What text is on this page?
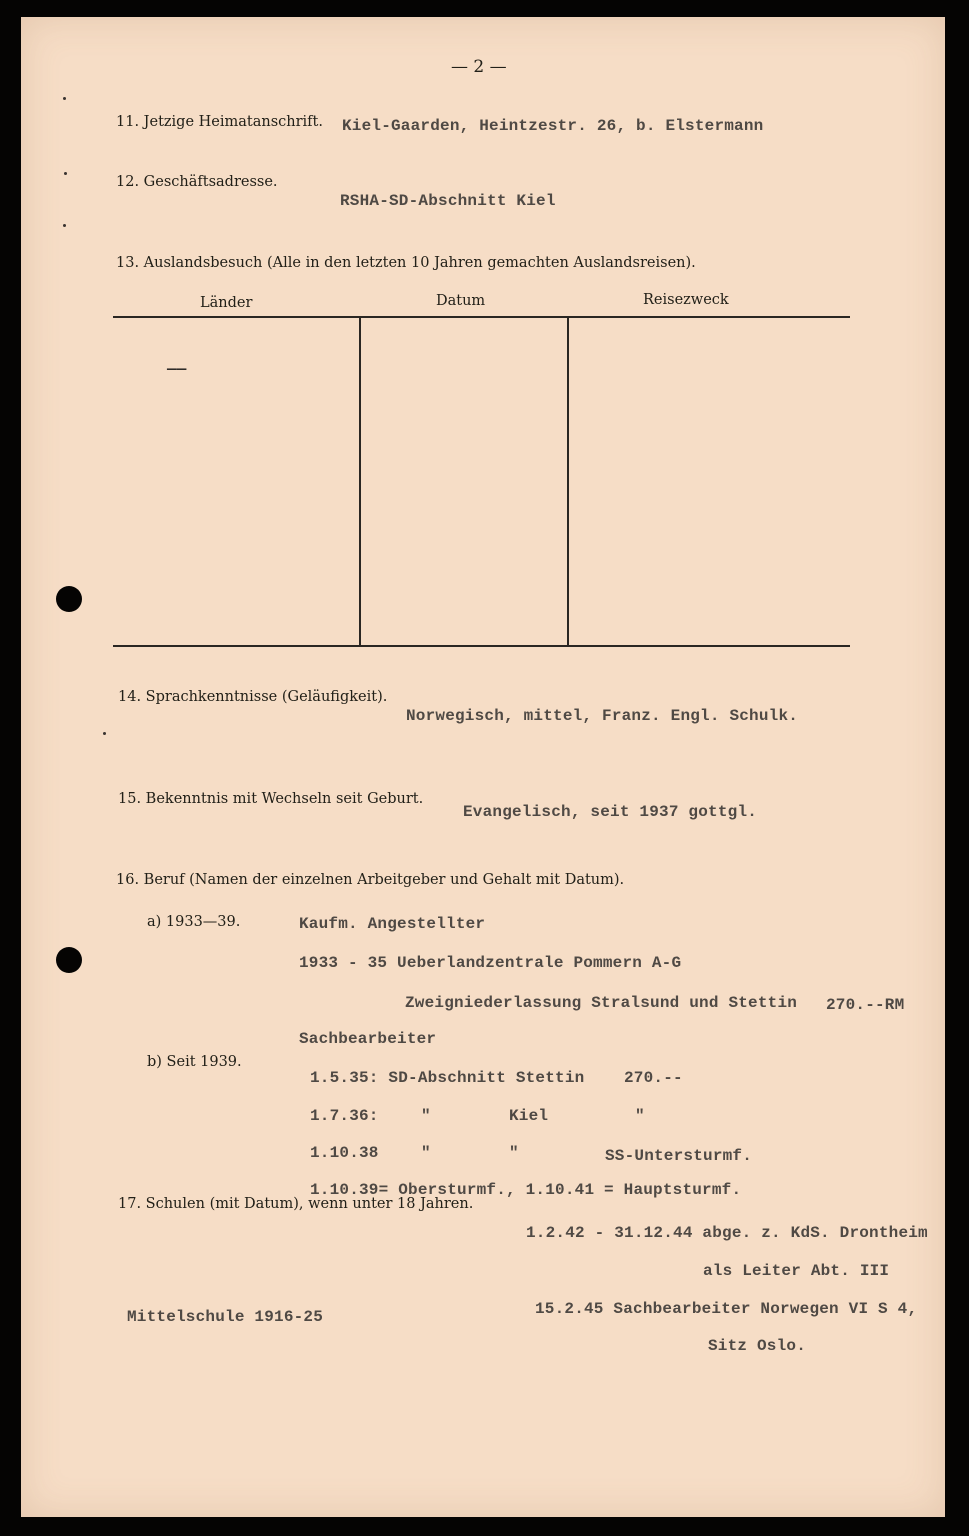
— 2 —
11. Jetzige Heimatanschrift. Kiel-Gaarden, Heintzestr. 26, b. Elstermann
12. Geschäftsadresse.
RSHA-SD-Abschnitt Kiel
13. Auslandsbesuch (Alle in den letzten 10 Jahren gemachten Auslandsreisen).
Länder	Datum	Reisezweck
——
14. Sprachkenntnisse (Geläufigkeit).
Norwegisch, mittel, Franz. Engl. Schulk.
15. Bekenntnis mit Wechseln seit Geburt.
Evangelisch, seit 1937 gottgl.
16. Beruf (Namen der einzelnen Arbeitgeber und Gehalt mit Datum).
a) 1933—39.	Kaufm. Angestellter
1933 - 35 Ueberlandzentrale Pommern A-G
Zweigniederlassung Stralsund und Stettin 270.--RM
Sachbearbeiter
b) Seit 1939.
1.5.35: SD-Abschnitt Stettin 270.--
1.7.36:	"	Kiel	"
1.10.38	"	"	SS-Untersturmf.
1.10.39= Obersturmf., 1.10.41 = Hauptsturmf.
17. Schulen (mit Datum), wenn unter 18 Jahren.
1.2.42 - 31.12.44 abge. z. KdS. Drontheim
als Leiter Abt. III
15.2.45 Sachbearbeiter Norwegen VI S 4,
Sitz Oslo.
Mittelschule 1916-25
